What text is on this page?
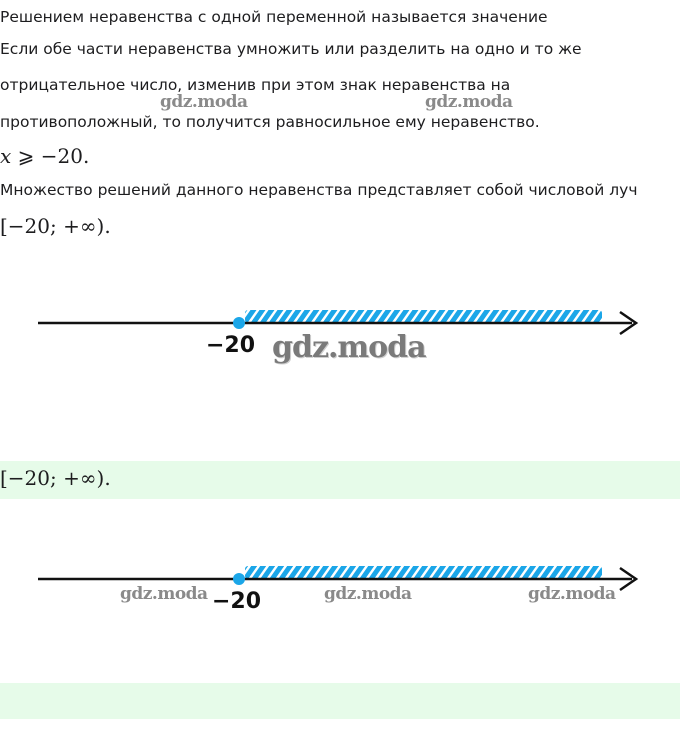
Решением неравенства с одной переменной называется значение
Если обе части неравенства умножить или разделить на одно и то же
отрицательное число, изменив при этом знак неравенства на
противоположный, то получится равносильное ему неравенство.
x ⩾ −20.
Множество решений данного неравенства представляет собой числовой луч
[−20; +∞).
gdz.moda	gdz.moda
−20 gdz.moda
[−20; +∞).
−20
gdz.moda	gdz.moda	gdz.moda
